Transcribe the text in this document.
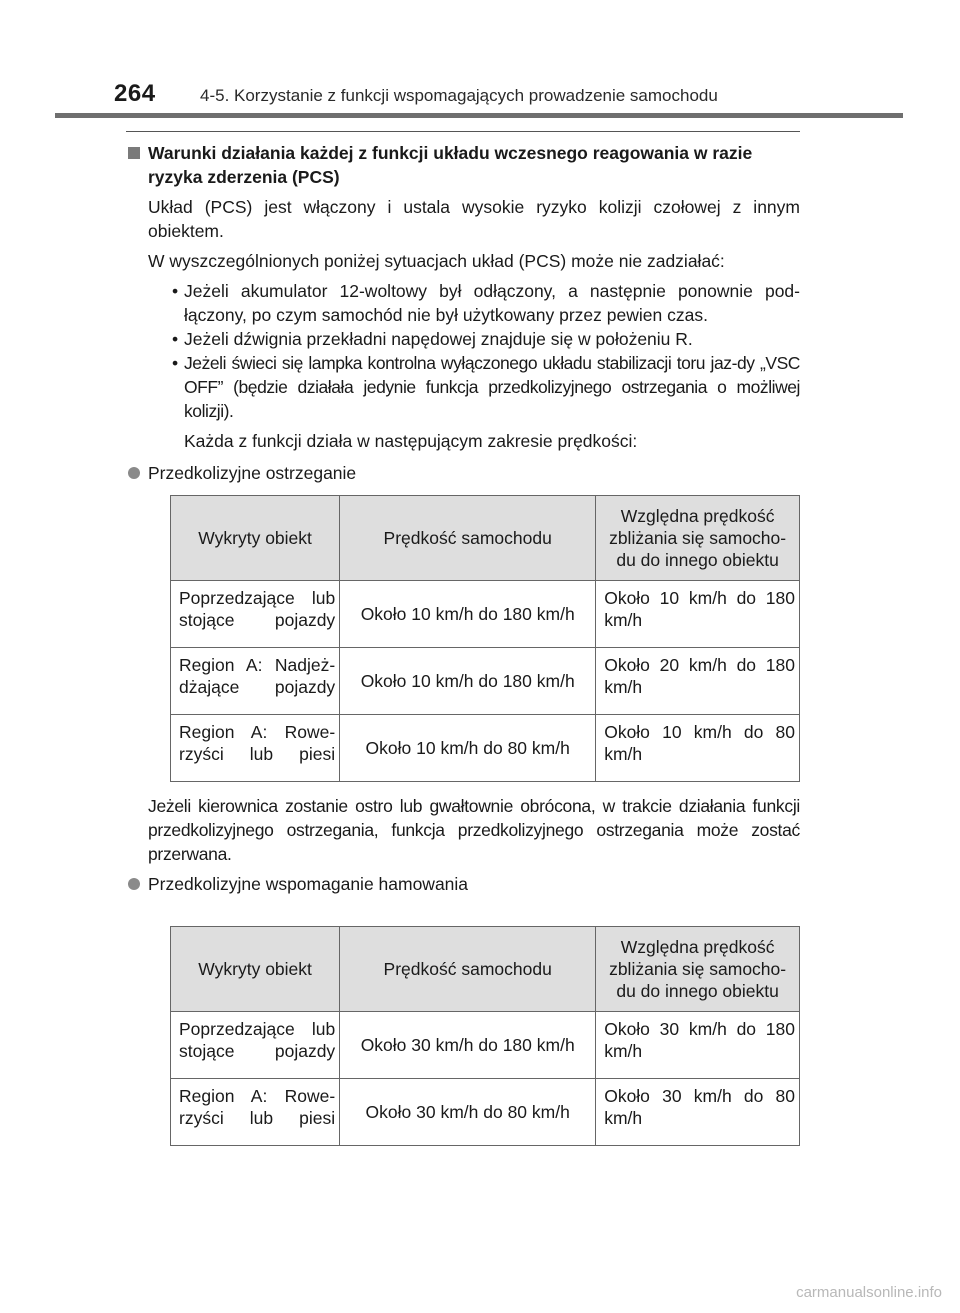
264	4-5. Korzystanie z funkcji wspomagających prowadzenie samochodu
Warunki działania każdej z funkcji układu wczesnego reagowania w razie
ryzyka zderzenia (PCS)
Układ (PCS) jest włączony i ustala wysokie ryzyko kolizji czołowej z innym obiektem.
W wyszczególnionych poniżej sytuacjach układ (PCS) może nie zadziałać:
• Jeżeli akumulator 12-woltowy był odłączony, a następnie ponownie pod-łączony, po czym samochód nie był użytkowany przez pewien czas.
• Jeżeli dźwignia przekładni napędowej znajduje się w położeniu R.
• Jeżeli świeci się lampka kontrolna wyłączonego układu stabilizacji toru jaz-dy „VSC OFF” (będzie działała jedynie funkcja przedkolizyjnego ostrzegania o możliwej kolizji).
Każda z funkcji działa w następującym zakresie prędkości:
Przedkolizyjne ostrzeganie
Wykryty obiekt	Prędkość samochodu	Względna prędkość zbliżania się samocho-du do innego obiektu
Poprzedzające lub stojące pojazdy	Około 10 km/h do 180 km/h	Około 10 km/h do 180 km/h
Region A: Nadjeż-dżające pojazdy	Około 10 km/h do 180 km/h	Około 20 km/h do 180 km/h
Region A: Rowe-rzyści lub piesi	Około 10 km/h do 80 km/h	Około 10 km/h do 80 km/h
Jeżeli kierownica zostanie ostro lub gwałtownie obrócona, w trakcie działania funkcji przedkolizyjnego ostrzegania, funkcja przedkolizyjnego ostrzegania może zostać przerwana.
Przedkolizyjne wspomaganie hamowania
Wykryty obiekt	Prędkość samochodu	Względna prędkość zbliżania się samocho-du do innego obiektu
Poprzedzające lub stojące pojazdy	Około 30 km/h do 180 km/h	Około 30 km/h do 180 km/h
Region A: Rowe-rzyści lub piesi	Około 30 km/h do 80 km/h	Około 30 km/h do 80 km/h
carmanualsonline.info
